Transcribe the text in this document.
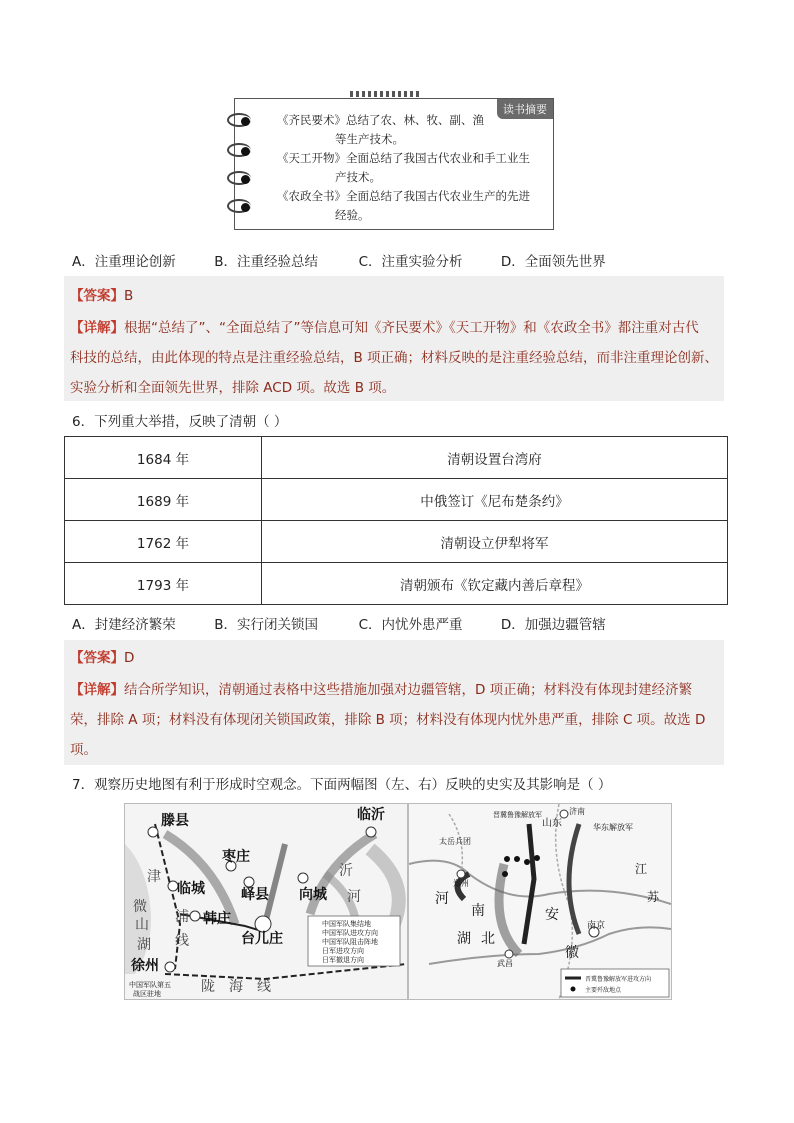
读书摘要
《齐民要术》总结了农、林、牧、副、渔
等生产技术。
《天工开物》全面总结了我国古代农业和手工业生
产技术。
《农政全书》全面总结了我国古代农业生产的先进
经验。
A．注重理论创新	B．注重经验总结	C．注重实验分析	D．全面领先世界
【答案】B
【详解】根据“总结了”、“全面总结了”等信息可知《齐民要术》《天工开物》和《农政全书》都注重对古代
科技的总结，由此体现的特点是注重经验总结，B 项正确；材料反映的是注重经验总结，而非注重理论创新、
实验分析和全面领先世界，排除 ACD 项。故选 B 项。
6．下列重大举措，反映了清朝（ ）
1684 年	清朝设置台湾府
1689 年	中俄签订《尼布楚条约》
1762 年	清朝设立伊犁将军
1793 年	清朝颁布《钦定藏内善后章程》
A．封建经济繁荣	B．实行闭关锁国	C．内忧外患严重	D．加强边疆管辖
【答案】D
【详解】结合所学知识，清朝通过表格中这些措施加强对边疆管辖，D 项正确；材料没有体现封建经济繁
荣，排除 A 项；材料没有体现闭关锁国政策，排除 B 项；材料没有体现内忧外患严重，排除 C 项。故选 D
项。
7．观察历史地图有利于形成时空观念。下面两幅图（左、右）反映的史实及其影响是（ ）
滕县	临沂
枣庄
峄县
临城	向城
韩庄
台儿庄
徐州
津
浦
线
微
山
湖
沂
河
陇 海 线
中国军队集结地
中国军队进攻方向
中国军队阻击阵地
日军进攻方向
日军撤退方向
中国军队第五
战区驻地
济南
太岳兵团
晋冀鲁豫解放军
山东	华东解放军
郑州
南京
武昌
安
徽
湖 北
河
南
江
苏
晋冀鲁豫解放军进攻方向
主要歼敌地点
